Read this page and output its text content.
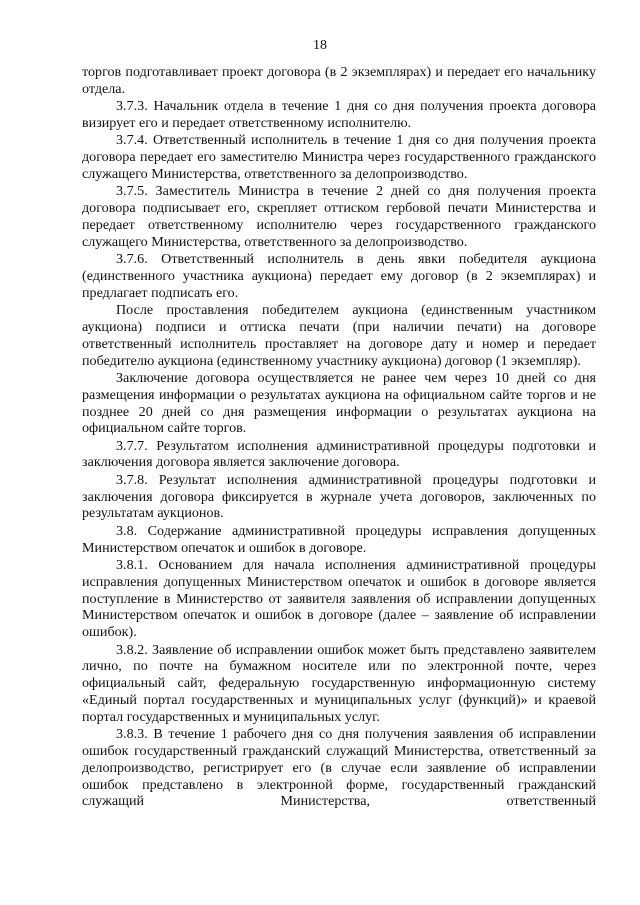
18

торгов подготавливает проект договора (в 2 экземплярах) и передает его начальнику отдела.

3.7.3. Начальник отдела в течение 1 дня со дня получения проекта договора визирует его и передает ответственному исполнителю.

3.7.4. Ответственный исполнитель в течение 1 дня со дня получения проекта договора передает его заместителю Министра через государственного гражданского служащего Министерства, ответственного за делопроизводство.

3.7.5. Заместитель Министра в течение 2 дней со дня получения проекта договора подписывает его, скрепляет оттиском гербовой печати Министерства и передает ответственному исполнителю через государственного гражданского служащего Министерства, ответственного за делопроизводство.

3.7.6. Ответственный исполнитель в день явки победителя аукциона (единственного участника аукциона) передает ему договор (в 2 экземплярах) и предлагает подписать его.

После проставления победителем аукциона (единственным участником аукциона) подписи и оттиска печати (при наличии печати) на договоре ответственный исполнитель проставляет на договоре дату и номер и передает победителю аукциона (единственному участнику аукциона) договор (1 экземпляр).

Заключение договора осуществляется не ранее чем через 10 дней со дня размещения информации о результатах аукциона на официальном сайте торгов и не позднее 20 дней со дня размещения информации о результатах аукциона на официальном сайте торгов.

3.7.7. Результатом исполнения административной процедуры подготовки и заключения договора является заключение договора.

3.7.8. Результат исполнения административной процедуры подготовки и заключения договора фиксируется в журнале учета договоров, заключенных по результатам аукционов.

3.8. Содержание административной процедуры исправления допущенных Министерством опечаток и ошибок в договоре.

3.8.1. Основанием для начала исполнения административной процедуры исправления допущенных Министерством опечаток и ошибок в договоре является поступление в Министерство от заявителя заявления об исправлении допущенных Министерством опечаток и ошибок в договоре (далее – заявление об исправлении ошибок).

3.8.2. Заявление об исправлении ошибок может быть представлено заявителем лично, по почте на бумажном носителе или по электронной почте, через официальный сайт, федеральную государственную информационную систему «Единый портал государственных и муниципальных услуг (функций)» и краевой портал государственных и муниципальных услуг.

3.8.3. В течение 1 рабочего дня со дня получения заявления об исправлении ошибок государственный гражданский служащий Министерства, ответственный за делопроизводство, регистрирует его (в случае если заявление об исправлении ошибок представлено в электронной форме, государственный гражданский служащий Министерства, ответственный
